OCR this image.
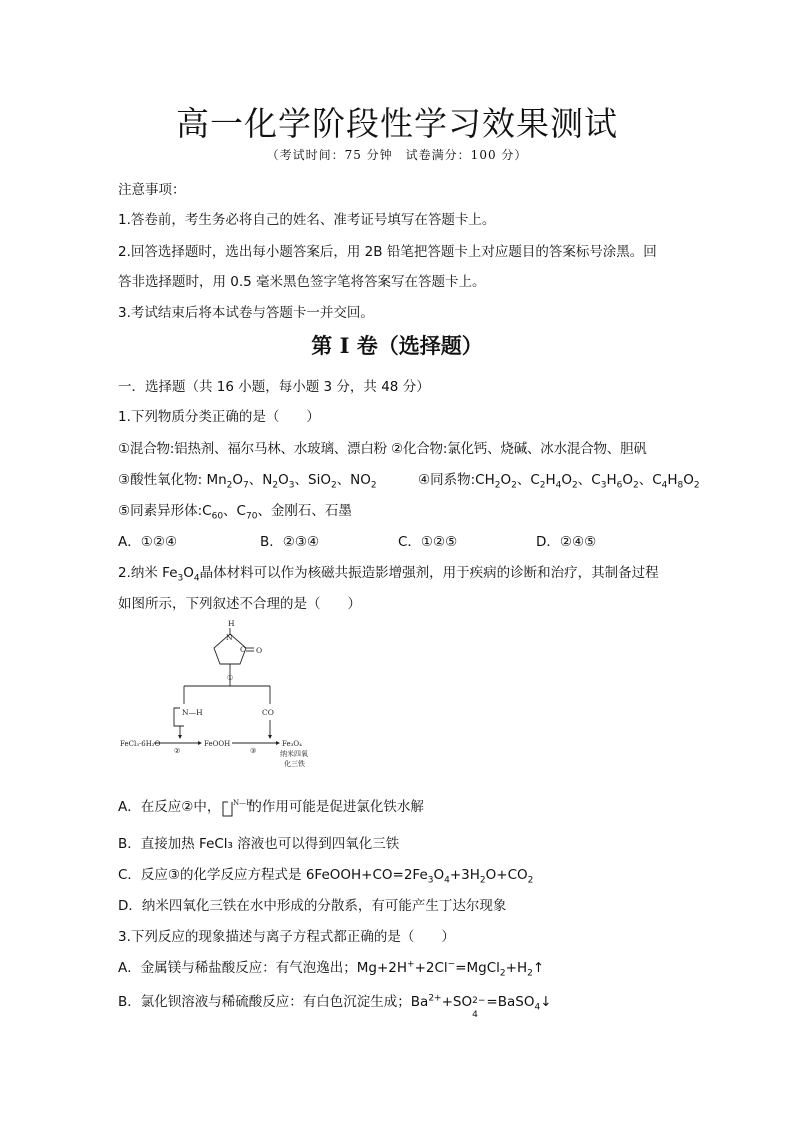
高一化学阶段性学习效果测试
（考试时间：75 分钟　试卷满分：100 分）
注意事项：
1.答卷前，考生务必将自己的姓名、准考证号填写在答题卡上。
2.回答选择题时，选出每小题答案后，用 2B 铅笔把答题卡上对应题目的答案标号涂黑。回
答非选择题时，用 0.5 毫米黑色签字笔将答案写在答题卡上。
3.考试结束后将本试卷与答题卡一并交回。
第 I 卷（选择题）
一．选择题（共 16 小题，每小题 3 分，共 48 分）
1.下列物质分类正确的是（　　）
①混合物:铝热剂、福尔马林、水玻璃、漂白粉 ②化合物:氯化钙、烧碱、冰水混合物、胆矾
③酸性氧化物: $Mn_2O_7$、$N_2O_3$、SiO$_2$、$NO_2$	④同系物$:CH_2O_2$、$C_2H_4O_2$、$C_3H_6O_2$、$C_4H_8O_2$
⑤同素异形体$:C_{60}$、$C_{70}$、金刚石、石墨
A．①②④	B．②③④	C．①②⑤	D．②④⑤
2.纳米 $Fe_3O_4$晶体材料可以作为核磁共振造影增强剂，用于疾病的诊断和治疗，其制备过程
如图所示，下列叙述不合理的是（　　）
H
N
C O
①
N—H	CO
FeCl₃·6H₂O
②
FeOOH
③
Fe₃O₄
纳米四氧
化三铁
A．在反应②中， N—H
的作用可能是促进氯化铁水解
B．直接加热 FeCl₃ 溶液也可以得到四氧化三铁
C．反应③的化学反应方程式是 $6FeOOH+CO=2Fe_3O_4+3H_2O+CO_2$
D．纳米四氧化三铁在水中形成的分散系，有可能产生丁达尔现象
3.下列反应的现象描述与离子方程式都正确的是（　　）
A．金属镁与稀盐酸反应：有气泡逸出；$Mg+2H^++2Cl^-=MgCl_2+H_2↑$
B．氯化钡溶液与稀硫酸反应：有白色沉淀生成；$Ba^{2+}+SO$ 2−
4
=BaSO$_4$↓
